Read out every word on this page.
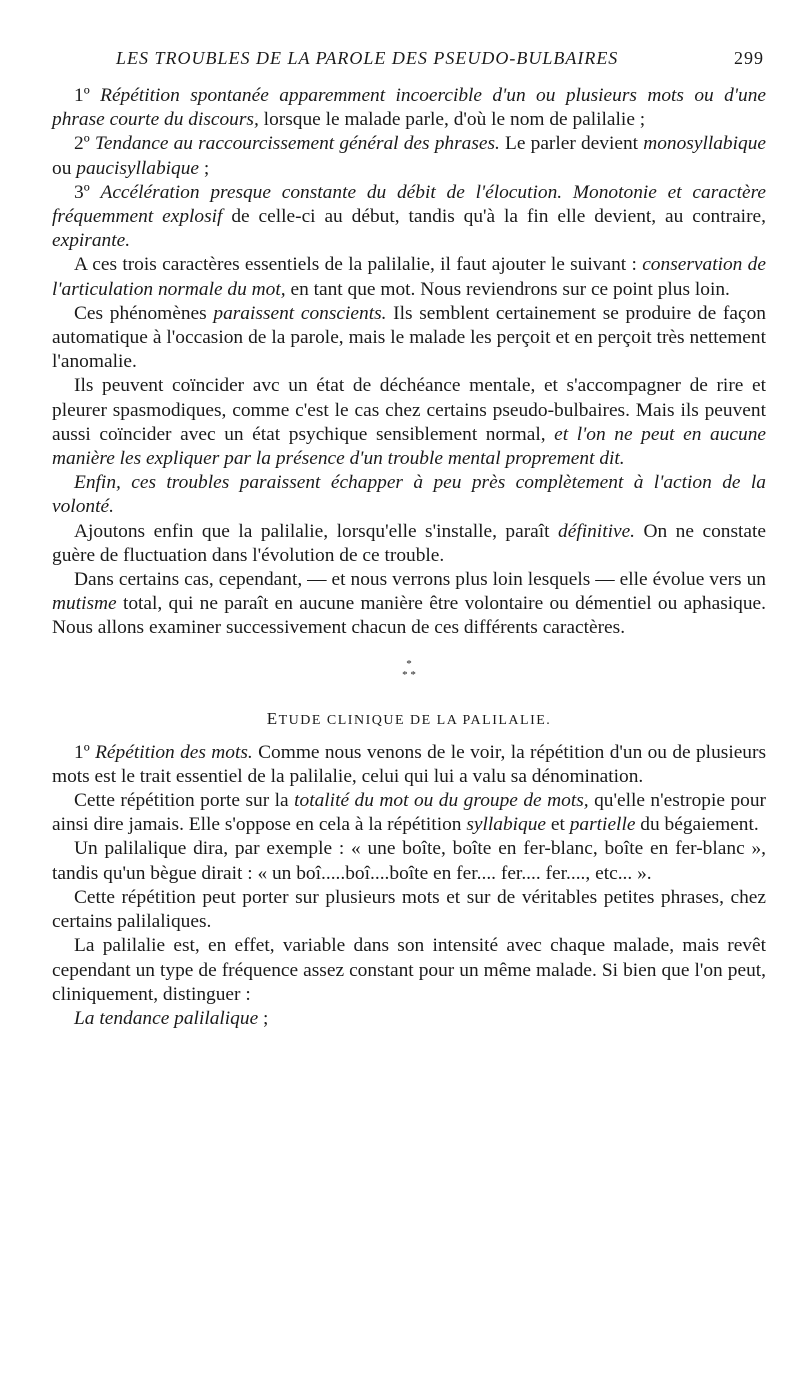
LES TROUBLES DE LA PAROLE DES PSEUDO-BULBAIRES	299

1º Répétition spontanée apparemment incoercible d'un ou plusieurs mots ou d'une phrase courte du discours, lorsque le malade parle, d'où le nom de palilalie ;

2º Tendance au raccourcissement général des phrases. Le parler devient monosyllabique ou paucisyllabique ;

3º Accélération presque constante du débit de l'élocution. Monotonie et caractère fréquemment explosif de celle-ci au début, tandis qu'à la fin elle devient, au contraire, expirante.

A ces trois caractères essentiels de la palilalie, il faut ajouter le suivant : conservation de l'articulation normale du mot, en tant que mot. Nous reviendrons sur ce point plus loin.

Ces phénomènes paraissent conscients. Ils semblent certainement se produire de façon automatique à l'occasion de la parole, mais le malade les perçoit et en perçoit très nettement l'anomalie.

Ils peuvent coïncider avc un état de déchéance mentale, et s'accompagner de rire et pleurer spasmodiques, comme c'est le cas chez certains pseudo-bulbaires. Mais ils peuvent aussi coïncider avec un état psychique sensiblement normal, et l'on ne peut en aucune manière les expliquer par la présence d'un trouble mental proprement dit.

Enfin, ces troubles paraissent échapper à peu près complètement à l'action de la volonté.

Ajoutons enfin que la palilalie, lorsqu'elle s'installe, paraît définitive. On ne constate guère de fluctuation dans l'évolution de ce trouble.

Dans certains cas, cependant, — et nous verrons plus loin lesquels — elle évolue vers un mutisme total, qui ne paraît en aucune manière être volontaire ou démentiel ou aphasique. Nous allons examiner successivement chacun de ces différents caractères.

*
* *
ETUDE CLINIQUE DE LA PALILALIE.

1º Répétition des mots. Comme nous venons de le voir, la répétition d'un ou de plusieurs mots est le trait essentiel de la palilalie, celui qui lui a valu sa dénomination.

Cette répétition porte sur la totalité du mot ou du groupe de mots, qu'elle n'estropie pour ainsi dire jamais. Elle s'oppose en cela à la répétition syllabique et partielle du bégaiement.

Un palilalique dira, par exemple : « une boîte, boîte en fer-blanc, boîte en fer-blanc », tandis qu'un bègue dirait : « un boî.....boî....boîte en fer.... fer.... fer...., etc... ».

Cette répétition peut porter sur plusieurs mots et sur de véritables petites phrases, chez certains palilaliques.

La palilalie est, en effet, variable dans son intensité avec chaque malade, mais revêt cependant un type de fréquence assez constant pour un même malade. Si bien que l'on peut, cliniquement, distinguer :

La tendance palilalique ;
